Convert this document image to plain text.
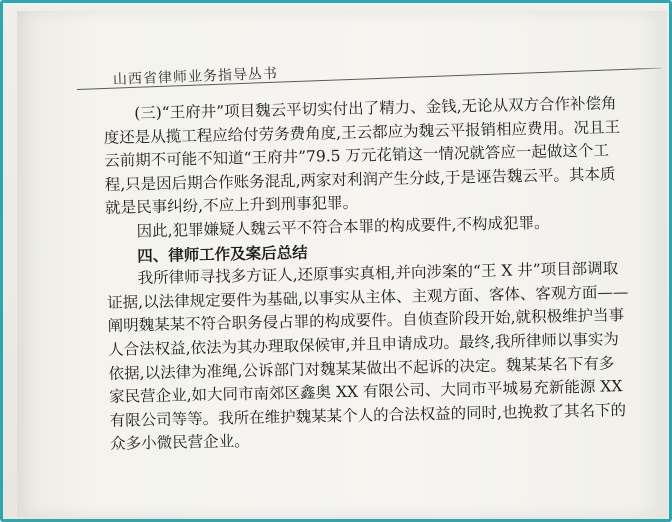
山西省律师业务指导丛书
(三)“王府井”项目魏云平切实付出了精力、金钱,无论从双方合作补偿角
度还是从揽工程应给付劳务费角度,王云都应为魏云平报销相应费用。况且王
云前期不可能不知道“王府井”79.5 万元花销这一情况就答应一起做这个工
程,只是因后期合作账务混乱,两家对利润产生分歧,于是诬告魏云平。其本质
就是民事纠纷,不应上升到刑事犯罪。
因此,犯罪嫌疑人魏云平不符合本罪的构成要件,不构成犯罪。
四、律师工作及案后总结
我所律师寻找多方证人,还原事实真相,并向涉案的“王 X 井”项目部调取
证据,以法律规定要件为基础,以事实从主体、主观方面、客体、客观方面——
阐明魏某某不符合职务侵占罪的构成要件。自侦查阶段开始,就积极维护当事
人合法权益,依法为其办理取保候审,并且申请成功。最终,我所律师以事实为
依据,以法律为准绳,公诉部门对魏某某做出不起诉的决定。魏某某名下有多
家民营企业,如大同市南郊区鑫奥 XX 有限公司、大同市平城易充新能源 XX
有限公司等等。我所在维护魏某某个人的合法权益的同时,也挽救了其名下的
众多小微民营企业。
